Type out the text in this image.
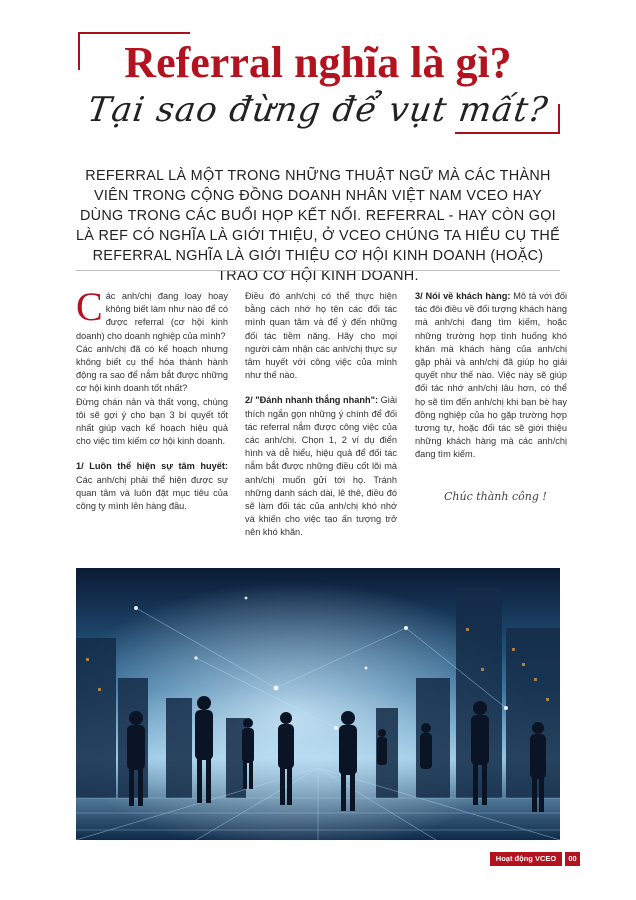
Referral nghĩa là gì?
Tại sao đừng để vụt mất?
REFERRAL LÀ MỘT TRONG NHỮNG THUẬT NGỮ MÀ CÁC THÀNH VIÊN TRONG CỘNG ĐỒNG DOANH NHÂN VIỆT NAM VCEO HAY DÙNG TRONG CÁC BUỔI HỌP KẾT NỐI. REFERRAL - HAY CÒN GỌI LÀ REF CÓ NGHĨA LÀ GIỚI THIỆU, Ở VCEO CHÚNG TA HIỂU CỤ THỂ REFERRAL NGHĨA LÀ GIỚI THIỆU CƠ HỘI KINH DOANH (HOẶC) TRAO CƠ HỘI KINH DOANH.

Các anh/chị đang loay hoay không biết làm như nào để có được referral (cơ hội kinh doanh) cho doanh nghiệp của mình?

Các anh/chị đã có kế hoạch nhưng không biết cụ thể hóa thành hành động ra sao để nắm bắt được những cơ hội kinh doanh tốt nhất?

Đừng chán nản và thất vọng, chúng tôi sẽ gợi ý cho bạn 3 bí quyết tốt nhất giúp vạch kế hoạch hiệu quả cho việc tìm kiếm cơ hội kinh doanh.

1/ Luôn thể hiện sự tâm huyết: Các anh/chị phải thể hiện được sự quan tâm và luôn đặt mục tiêu của công ty mình lên hàng đầu.

Điều đó anh/chị có thể thực hiện bằng cách nhớ họ tên các đối tác mình quan tâm và để ý đến những đối tác tiềm năng. Hãy cho mọi người cảm nhận các anh/chị thực sự tâm huyết với công việc của mình như thế nào.

2/ "Đánh nhanh thắng nhanh": Giải thích ngắn gọn những ý chính để đối tác referral nắm được công việc của các anh/chị. Chọn 1, 2 ví dụ điển hình và dễ hiểu, hiệu quả để đối tác nắm bắt được những điều cốt lõi mà anh/chị muốn gửi tới họ. Tránh những danh sách dài, lê thê, điều đó sẽ làm đối tác của anh/chị khó nhớ và khiến cho việc tạo ấn tượng trở nên khó khăn.

3/ Nói về khách hàng: Mô tả với đối tác đôi điều về đối tượng khách hàng mà anh/chị đang tìm kiếm, hoặc những trường hợp tình huống khó khăn mà khách hàng của anh/chị gặp phải và anh/chị đã giúp họ giải quyết như thế nào. Việc này sẽ giúp đối tác nhớ anh/chị lâu hơn, có thể họ sẽ tìm đến anh/chị khi bạn bè hay đồng nghiệp của họ gặp trường hợp tương tự, hoặc đối tác sẽ giới thiệu những khách hàng mà các anh/chị đang tìm kiếm.

Chúc thành công !
Hoạt động VCEO	00
